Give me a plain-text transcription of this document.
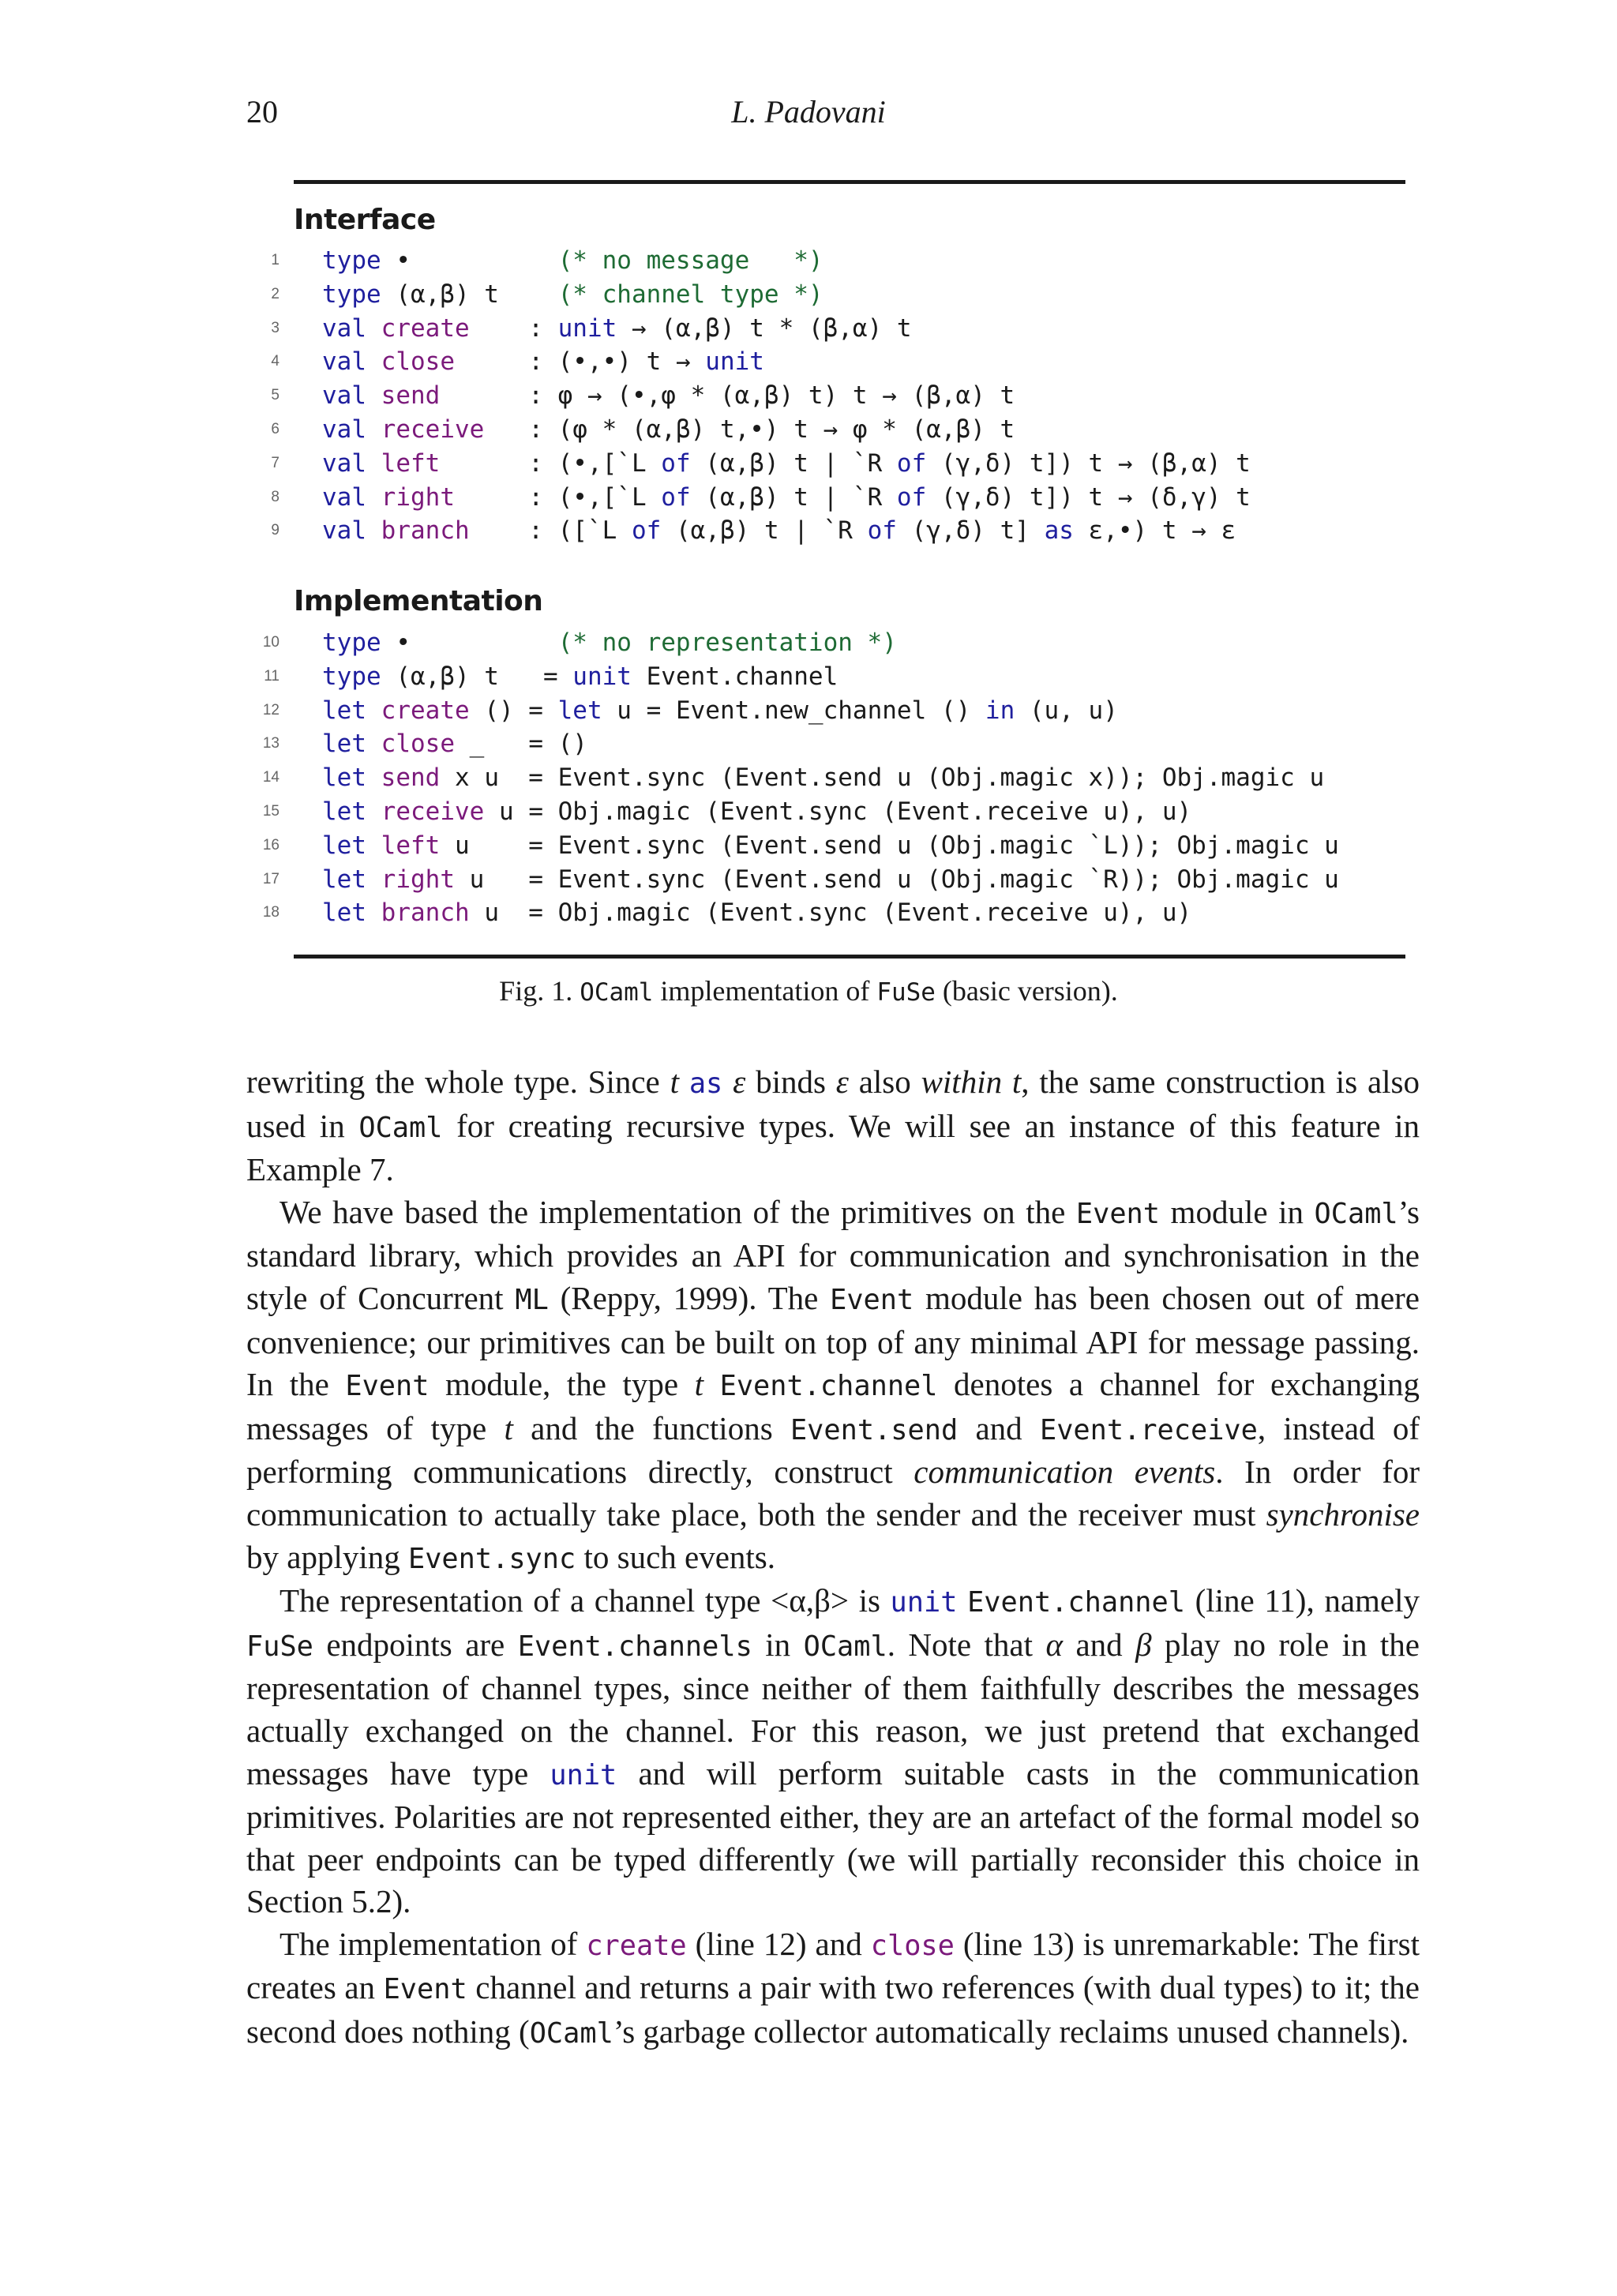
20	L. Padovani
Interface
1 type •          (* no message   *)
2 type (α,β) t    (* channel type *)
3 val create    : unit → (α,β) t * (β,α) t
4 val close     : (•,•) t → unit
5 val send      : φ → (•,φ * (α,β) t) t → (β,α) t
6 val receive   : (φ * (α,β) t,•) t → φ * (α,β) t
7 val left      : (•,[`L of (α,β) t | `R of (γ,δ) t]) t → (β,α) t
8 val right     : (•,[`L of (α,β) t | `R of (γ,δ) t]) t → (δ,γ) t
9 val branch    : ([`L of (α,β) t | `R of (γ,δ) t] as ε,•) t → ε
Implementation
10 type •          (* no representation *)
11 type (α,β) t   = unit Event.channel
12 let create () = let u = Event.new_channel () in (u, u)
13 let close _   = ()
14 let send x u  = Event.sync (Event.send u (Obj.magic x)); Obj.magic u
15 let receive u = Obj.magic (Event.sync (Event.receive u), u)
16 let left u    = Event.sync (Event.send u (Obj.magic `L)); Obj.magic u
17 let right u   = Event.sync (Event.send u (Obj.magic `R)); Obj.magic u
18 let branch u  = Obj.magic (Event.sync (Event.receive u), u)
Fig. 1. OCaml implementation of FuSe (basic version).

rewriting the whole type. Since t as ε binds ε also within t, the same construction is also used in OCaml for creating recursive types. We will see an instance of this feature in Example 7.

We have based the implementation of the primitives on the Event module in OCaml’s standard library, which provides an API for communication and synchronisation in the style of Concurrent ML (Reppy, 1999). The Event module has been chosen out of mere convenience; our primitives can be built on top of any minimal API for message passing. In the Event module, the type t Event.channel denotes a channel for exchanging messages of type t and the functions Event.send and Event.receive, instead of performing communications directly, construct communication events. In order for communication to actually take place, both the sender and the receiver must synchronise by applying Event.sync to such events.

The representation of a channel type <α,β> is unit Event.channel (line 11), namely FuSe endpoints are Event.channels in OCaml. Note that α and β play no role in the representation of channel types, since neither of them faithfully describes the messages actually exchanged on the channel. For this reason, we just pretend that exchanged messages have type unit and will perform suitable casts in the communication primitives. Polarities are not represented either, they are an artefact of the formal model so that peer endpoints can be typed differently (we will partially reconsider this choice in Section 5.2).

The implementation of create (line 12) and close (line 13) is unremarkable: The first creates an Event channel and returns a pair with two references (with dual types) to it; the second does nothing (OCaml’s garbage collector automatically reclaims unused channels).
